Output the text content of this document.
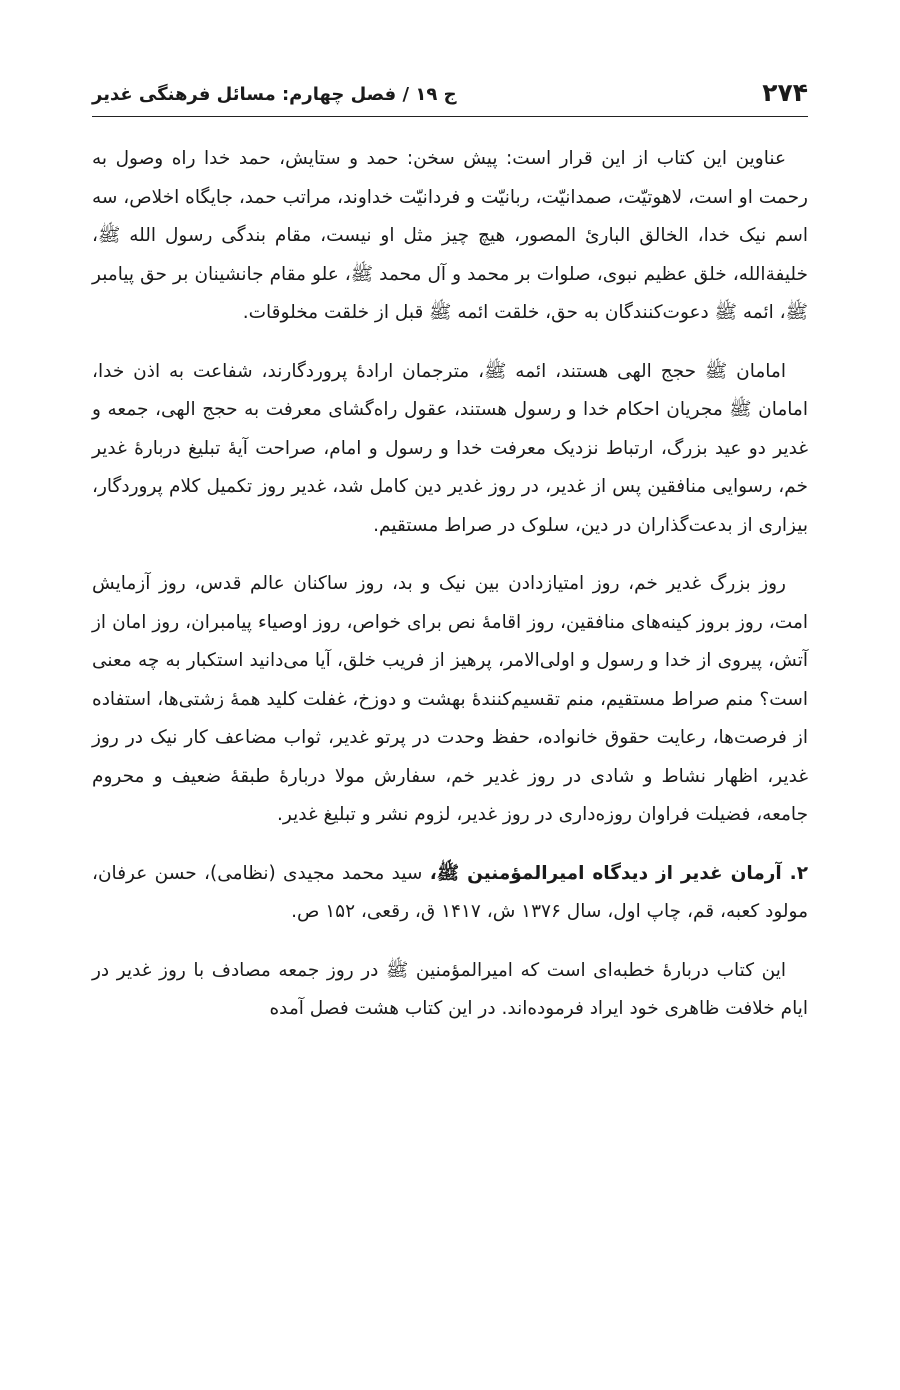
۲۷۴
ج ۱۹ / فصل چهارم: مسائل فرهنگی غدیر

عناوین این کتاب از این قرار است: پیش سخن: حمد و ستایش، حمد خدا راه وصول به رحمت او است، لاهوتیّت، صمدانیّت، ربانیّت و فردانیّت خداوند، مراتب حمد، جایگاه اخلاص، سه اسم نیک خدا، الخالق البارئ المصور، هیچ چیز مثل او نیست، مقام بندگی رسول الله ﷺ، خلیفةالله، خلق عظیم نبوی، صلوات بر محمد و آل محمد ﷺ، علو مقام جانشینان بر حق پیامبر ﷺ، ائمه ﷺ دعوت‌کنندگان به حق، خلقت ائمه ﷺ قبل از خلقت مخلوقات.

امامان ﷺ حجج الهی هستند، ائمه ﷺ، مترجمان ارادهٔ پروردگارند، شفاعت به اذن خدا، امامان ﷺ مجریان احکام خدا و رسول هستند، عقول راه‌گشای معرفت به حجج الهی، جمعه و غدیر دو عید بزرگ، ارتباط نزدیک معرفت خدا و رسول و امام، صراحت آیهٔ تبلیغ دربارهٔ غدیر خم، رسوایی منافقین پس از غدیر، در روز غدیر دین کامل شد، غدیر روز تکمیل کلام پروردگار، بیزاری از بدعت‌گذاران در دین، سلوک در صراط مستقیم.

روز بزرگ غدیر خم، روز امتیازدادن بین نیک و بد، روز ساکنان عالم قدس، روز آزمایش امت، روز بروز کینه‌های منافقین، روز اقامهٔ نص برای خواص، روز اوصیاء پیامبران، روز امان از آتش، پیروی از خدا و رسول و اولی‌الامر، پرهیز از فریب خلق، آیا می‌دانید استکبار به چه معنی است؟ منم صراط مستقیم، منم تقسیم‌کنندهٔ بهشت و دوزخ، غفلت کلید همهٔ زشتی‌ها، استفاده از فرصت‌ها، رعایت حقوق خانواده، حفظ وحدت در پرتو غدیر، ثواب مضاعف کار نیک در روز غدیر، اظهار نشاط و شادی در روز غدیر خم، سفارش مولا دربارهٔ طبقهٔ ضعیف و محروم جامعه، فضیلت فراوان روزه‌داری در روز غدیر، لزوم نشر و تبلیغ غدیر.

۲. آرمان غدیر از دیدگاه امیرالمؤمنین ﷺ، سید محمد مجیدی (نظامی)، حسن عرفان، مولود کعبه، قم، چاپ اول، سال ۱۳۷۶ ش، ۱۴۱۷ ق، رقعی، ۱۵۲ ص.

این کتاب دربارهٔ خطبه‌ای است که امیرالمؤمنین ﷺ در روز جمعه مصادف با روز غدیر در ایام خلافت ظاهری خود ایراد فرموده‌اند. در این کتاب هشت فصل آمده
